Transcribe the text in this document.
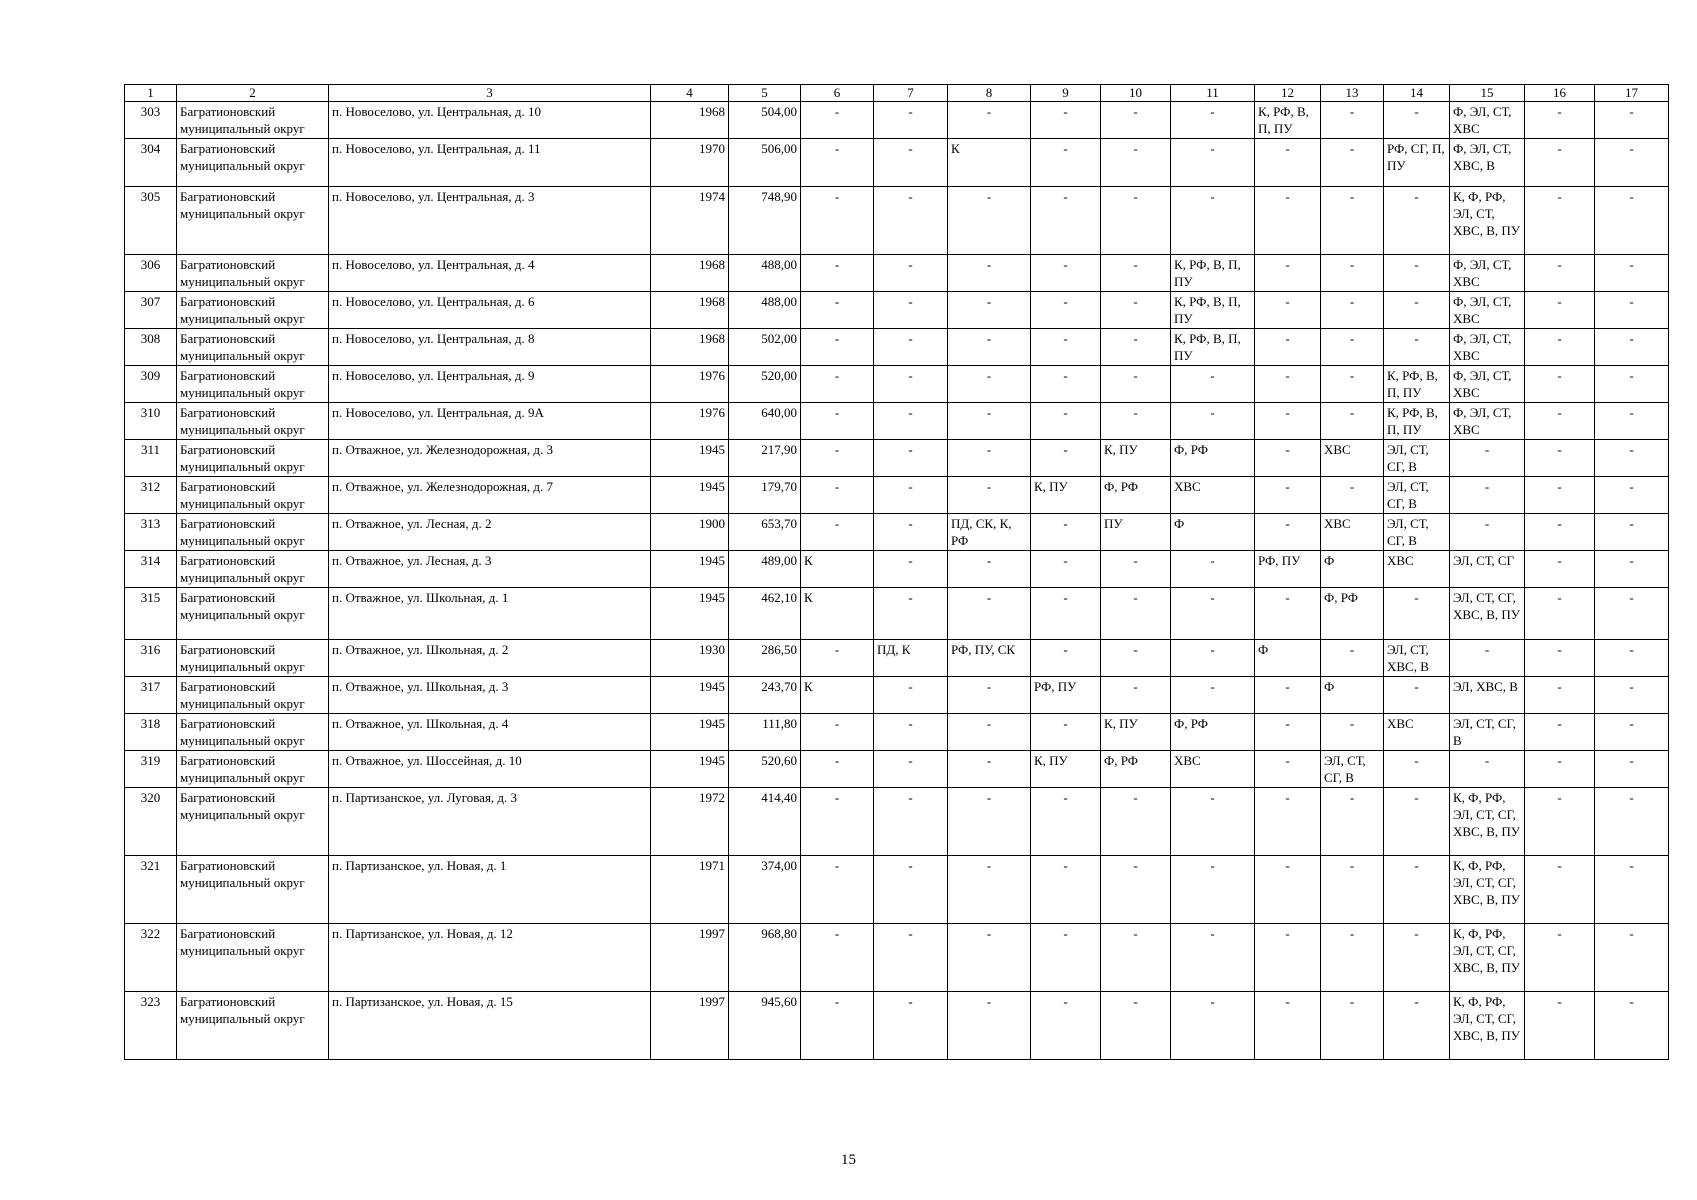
1	2	3	4	5	6	7	8	9	10	11	12	13	14	15	16	17
303	Багратионовский муниципальный округ	п. Новоселово, ул. Центральная, д. 10	1968	504,00	-	-	-	-	-	-	К, РФ, В, П, ПУ	-	-	Ф, ЭЛ, СТ, ХВС	-	-
304	Багратионовский муниципальный округ	п. Новоселово, ул. Центральная, д. 11	1970	506,00	-	-	К	-	-	-	-	-	РФ, СГ, П, ПУ	Ф, ЭЛ, СТ, ХВС, В	-	-
305	Багратионовский муниципальный округ	п. Новоселово, ул. Центральная, д. 3	1974	748,90	-	-	-	-	-	-	-	-	-	К, Ф, РФ, ЭЛ, СТ, ХВС, В, ПУ	-	-
306	Багратионовский муниципальный округ	п. Новоселово, ул. Центральная, д. 4	1968	488,00	-	-	-	-	-	К, РФ, В, П, ПУ	-	-	-	Ф, ЭЛ, СТ, ХВС	-	-
307	Багратионовский муниципальный округ	п. Новоселово, ул. Центральная, д. 6	1968	488,00	-	-	-	-	-	К, РФ, В, П, ПУ	-	-	-	Ф, ЭЛ, СТ, ХВС	-	-
308	Багратионовский муниципальный округ	п. Новоселово, ул. Центральная, д. 8	1968	502,00	-	-	-	-	-	К, РФ, В, П, ПУ	-	-	-	Ф, ЭЛ, СТ, ХВС	-	-
309	Багратионовский муниципальный округ	п. Новоселово, ул. Центральная, д. 9	1976	520,00	-	-	-	-	-	-	-	-	К, РФ, В, П, ПУ	Ф, ЭЛ, СТ, ХВС	-	-
310	Багратионовский муниципальный округ	п. Новоселово, ул. Центральная, д. 9А	1976	640,00	-	-	-	-	-	-	-	-	К, РФ, В, П, ПУ	Ф, ЭЛ, СТ, ХВС	-	-
311	Багратионовский муниципальный округ	п. Отважное, ул. Железнодорожная, д. 3	1945	217,90	-	-	-	-	К, ПУ	Ф, РФ	-	ХВС	ЭЛ, СТ, СГ, В	-	-	-
312	Багратионовский муниципальный округ	п. Отважное, ул. Железнодорожная, д. 7	1945	179,70	-	-	-	К, ПУ	Ф, РФ	ХВС	-	-	ЭЛ, СТ, СГ, В	-	-	-
313	Багратионовский муниципальный округ	п. Отважное, ул. Лесная, д. 2	1900	653,70	-	-	ПД, СК, К, РФ	-	ПУ	Ф	-	ХВС	ЭЛ, СТ, СГ, В	-	-	-
314	Багратионовский муниципальный округ	п. Отважное, ул. Лесная, д. 3	1945	489,00	К	-	-	-	-	-	РФ, ПУ	Ф	ХВС	ЭЛ, СТ, СГ	-	-
315	Багратионовский муниципальный округ	п. Отважное, ул. Школьная, д. 1	1945	462,10	К	-	-	-	-	-	-	Ф, РФ	-	ЭЛ, СТ, СГ, ХВС, В, ПУ	-	-
316	Багратионовский муниципальный округ	п. Отважное, ул. Школьная, д. 2	1930	286,50	-	ПД, К	РФ, ПУ, СК	-	-	-	Ф	-	ЭЛ, СТ, ХВС, В	-	-	-
317	Багратионовский муниципальный округ	п. Отважное, ул. Школьная, д. 3	1945	243,70	К	-	-	РФ, ПУ	-	-	-	Ф	-	ЭЛ, ХВС, В	-	-
318	Багратионовский муниципальный округ	п. Отважное, ул. Школьная, д. 4	1945	111,80	-	-	-	-	К, ПУ	Ф, РФ	-	-	ХВС	ЭЛ, СТ, СГ, В	-	-
319	Багратионовский муниципальный округ	п. Отважное, ул. Шоссейная, д. 10	1945	520,60	-	-	-	К, ПУ	Ф, РФ	ХВС	-	ЭЛ, СТ, СГ, В	-	-	-	-
320	Багратионовский муниципальный округ	п. Партизанское, ул. Луговая, д. 3	1972	414,40	-	-	-	-	-	-	-	-	-	К, Ф, РФ, ЭЛ, СТ, СГ, ХВС, В, ПУ	-	-
321	Багратионовский муниципальный округ	п. Партизанское, ул. Новая, д. 1	1971	374,00	-	-	-	-	-	-	-	-	-	К, Ф, РФ, ЭЛ, СТ, СГ, ХВС, В, ПУ	-	-
322	Багратионовский муниципальный округ	п. Партизанское, ул. Новая, д. 12	1997	968,80	-	-	-	-	-	-	-	-	-	К, Ф, РФ, ЭЛ, СТ, СГ, ХВС, В, ПУ	-	-
323	Багратионовский муниципальный округ	п. Партизанское, ул. Новая, д. 15	1997	945,60	-	-	-	-	-	-	-	-	-	К, Ф, РФ, ЭЛ, СТ, СГ, ХВС, В, ПУ	-	-
15
